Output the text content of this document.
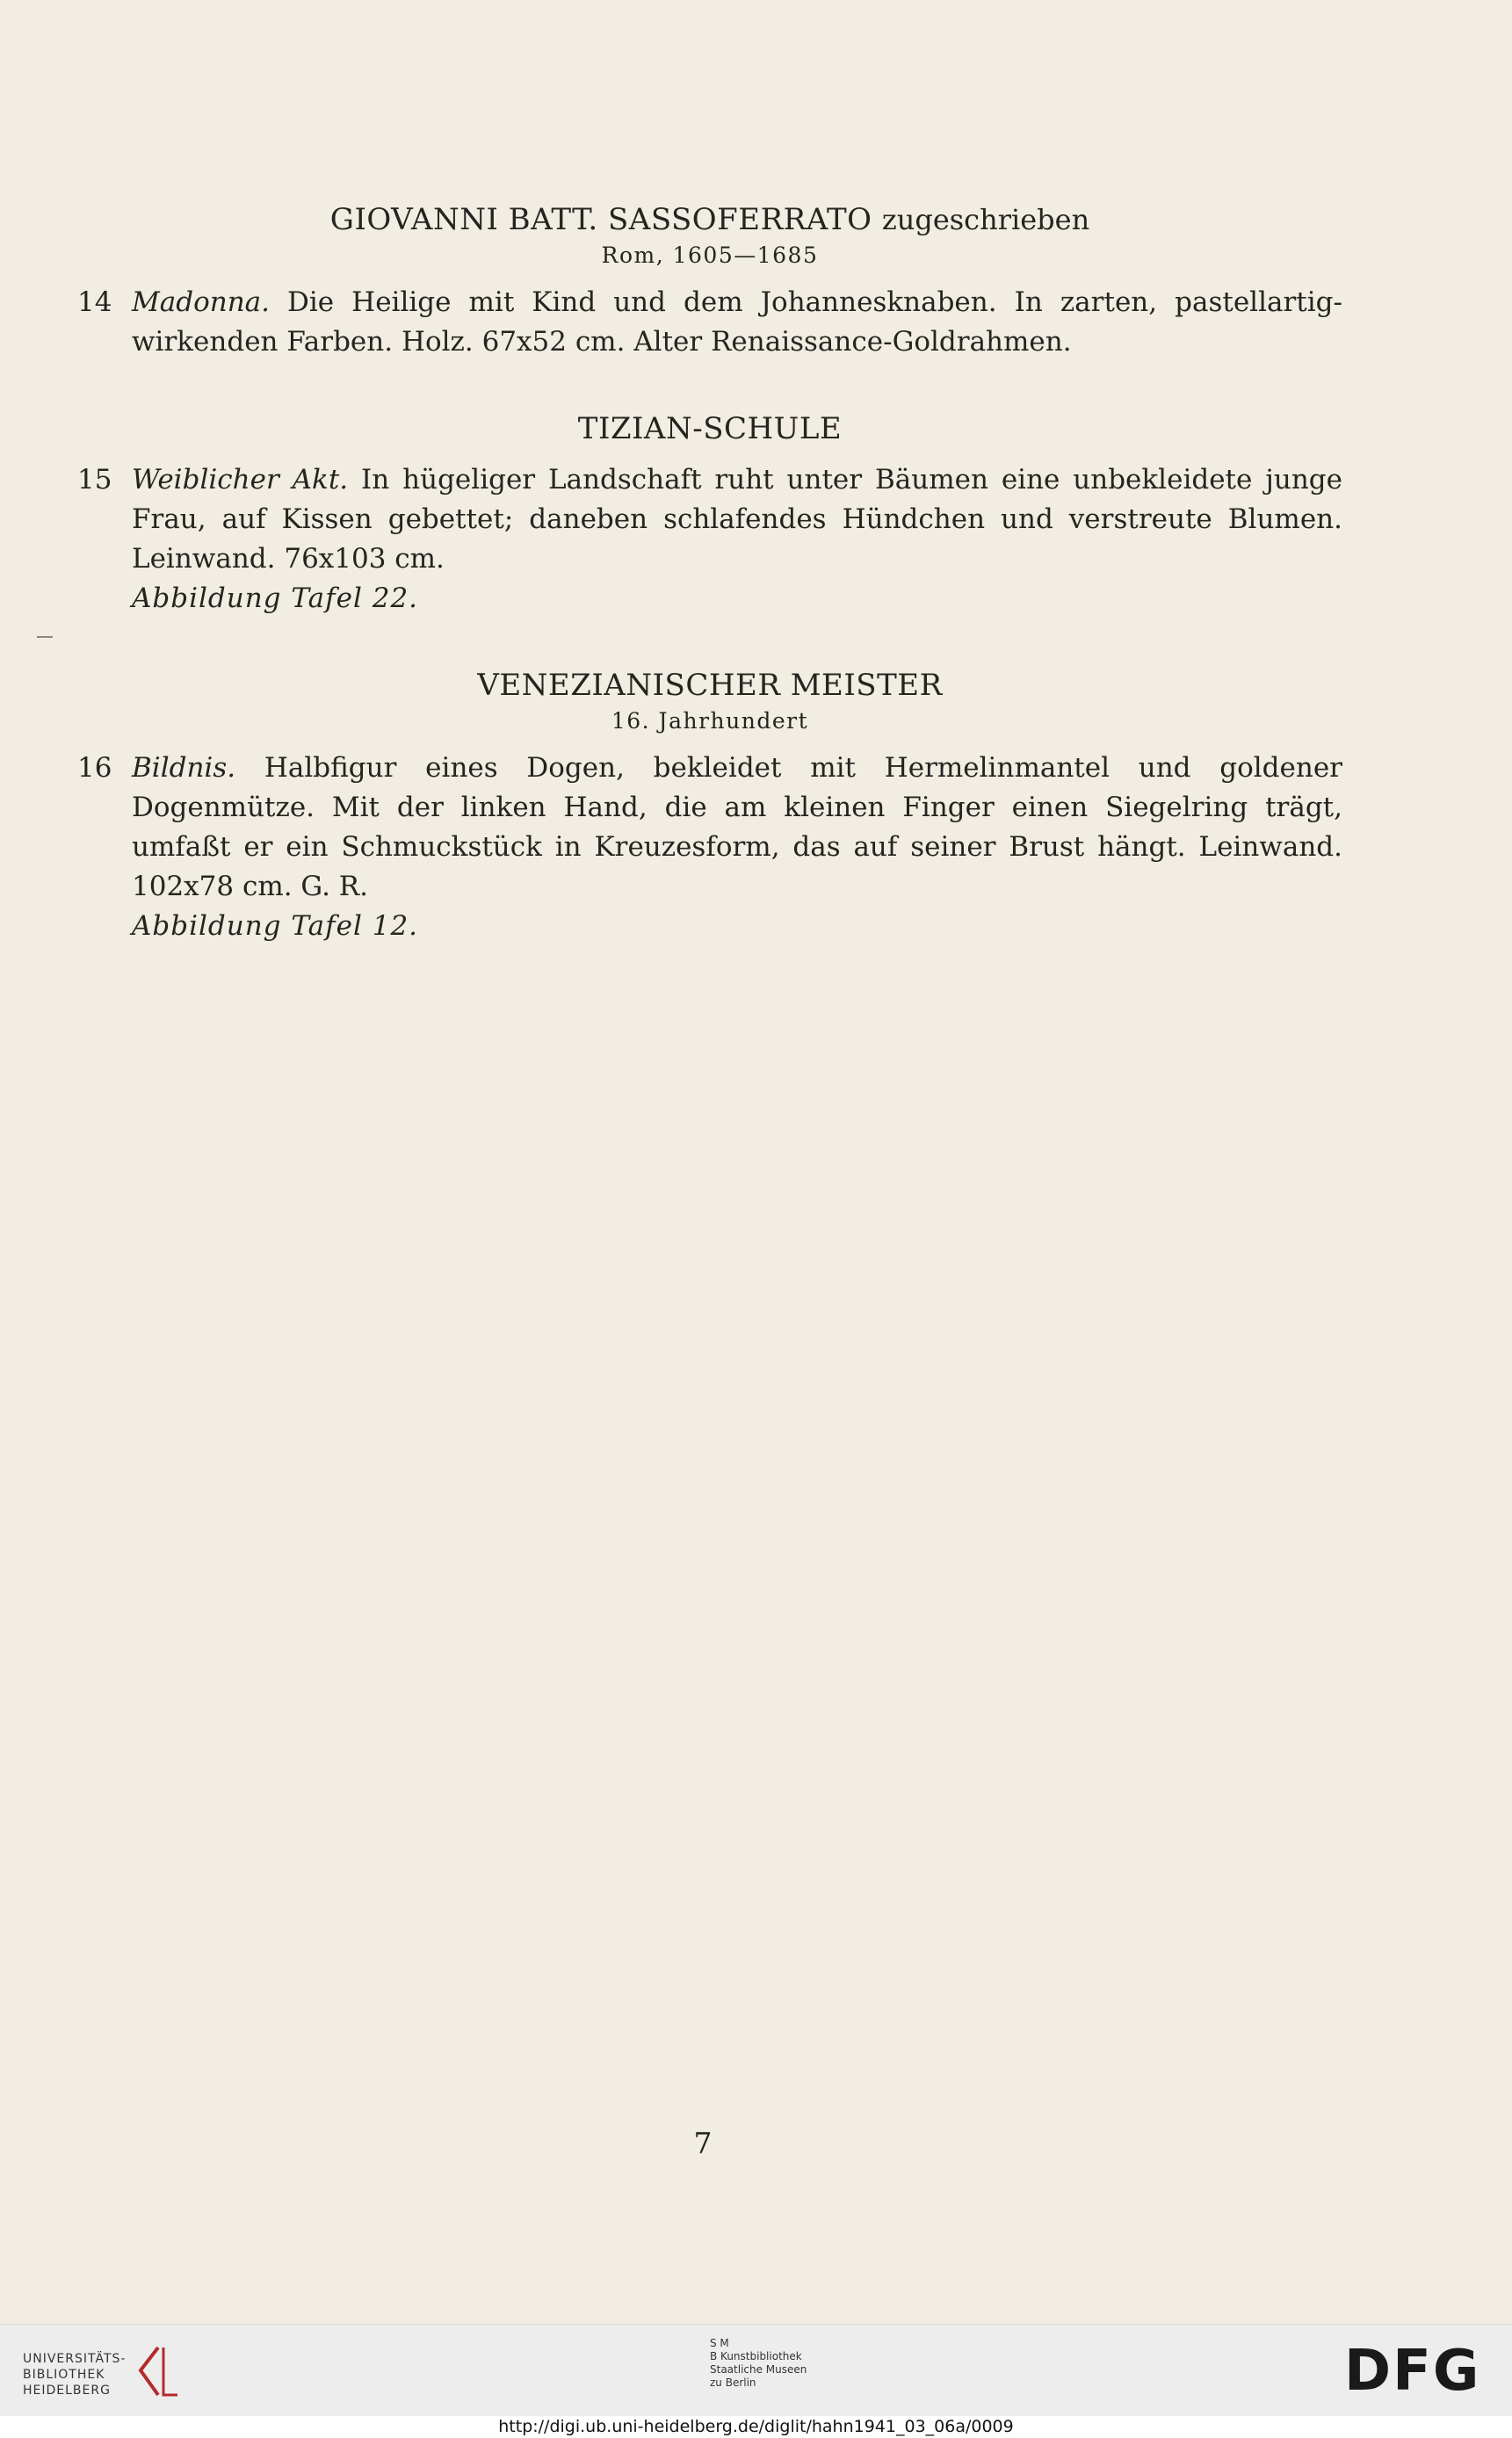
GIOVANNI BATT. SASSOFERRATO zugeschrieben
Rom, 1605—1685
14 Madonna. Die Heilige mit Kind und dem Johannesknaben. In zarten, pastellartig-wirkenden Farben. Holz. 67x52 cm. Alter Renaissance-Goldrahmen.
TIZIAN-SCHULE
15 Weiblicher Akt. In hügeliger Landschaft ruht unter Bäumen eine unbekleidete junge Frau, auf Kissen gebettet; daneben schlafendes Hündchen und verstreute Blumen. Leinwand. 76x103 cm.
Abbildung Tafel 22.
VENEZIANISCHER MEISTER
16. Jahrhundert
16 Bildnis. Halbfigur eines Dogen, bekleidet mit Hermelinmantel und goldener Dogenmütze. Mit der linken Hand, die am kleinen Finger einen Siegelring trägt, umfaßt er ein Schmuckstück in Kreuzesform, das auf seiner Brust hängt. Leinwand. 102x78 cm. G. R.
Abbildung Tafel 12.
7
UNIVERSITÄTS-
BIBLIOTHEK
HEIDELBERG
S M
B Kunstbibliothek
Staatliche Museen
zu Berlin	DFG
http://digi.ub.uni-heidelberg.de/diglit/hahn1941_03_06a/0009
